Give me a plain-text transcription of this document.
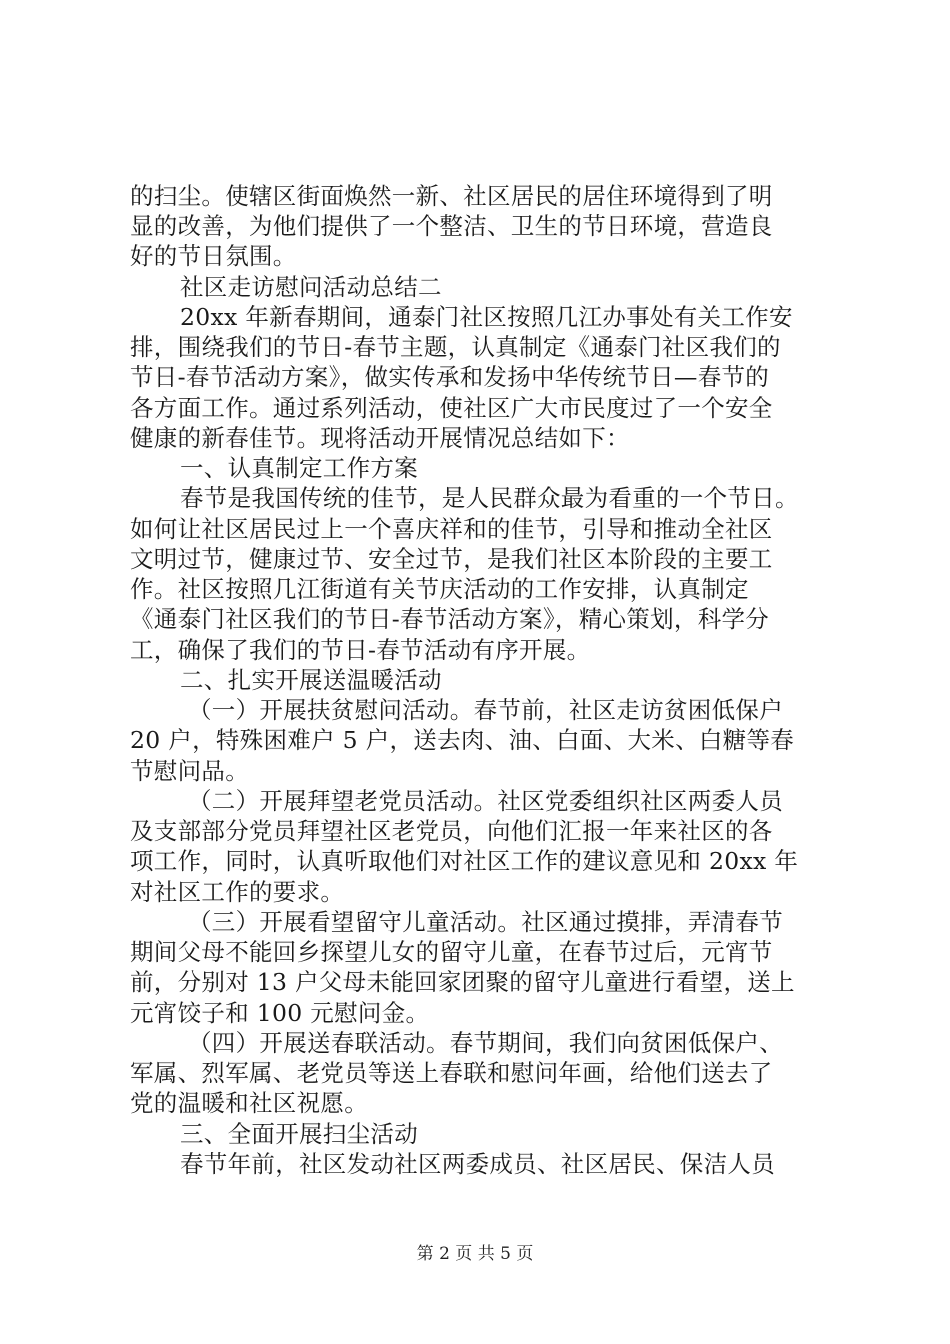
的扫尘。使辖区街面焕然一新、社区居民的居住环境得到了明
显的改善，为他们提供了一个整洁、卫生的节日环境，营造良
好的节日氛围。
社区走访慰问活动总结二
20xx 年新春期间，通泰门社区按照几江办事处有关工作安
排，围绕我们的节日-春节主题，认真制定《通泰门社区我们的
节日-春节活动方案》，做实传承和发扬中华传统节日—春节的
各方面工作。通过系列活动，使社区广大市民度过了一个安全
健康的新春佳节。现将活动开展情况总结如下：
一、认真制定工作方案
春节是我国传统的佳节，是人民群众最为看重的一个节日。
如何让社区居民过上一个喜庆祥和的佳节，引导和推动全社区
文明过节，健康过节、安全过节，是我们社区本阶段的主要工
作。社区按照几江街道有关节庆活动的工作安排，认真制定
《通泰门社区我们的节日-春节活动方案》，精心策划，科学分
工，确保了我们的节日-春节活动有序开展。
二、扎实开展送温暖活动
（一）开展扶贫慰问活动。春节前，社区走访贫困低保户
20 户，特殊困难户 5 户，送去肉、油、白面、大米、白糖等春
节慰问品。
（二）开展拜望老党员活动。社区党委组织社区两委人员
及支部部分党员拜望社区老党员，向他们汇报一年来社区的各
项工作，同时，认真听取他们对社区工作的建议意见和 20xx 年
对社区工作的要求。
（三）开展看望留守儿童活动。社区通过摸排，弄清春节
期间父母不能回乡探望儿女的留守儿童，在春节过后，元宵节
前，分别对 13 户父母未能回家团聚的留守儿童进行看望，送上
元宵饺子和 100 元慰问金。
（四）开展送春联活动。春节期间，我们向贫困低保户、
军属、烈军属、老党员等送上春联和慰问年画，给他们送去了
党的温暖和社区祝愿。
三、全面开展扫尘活动
春节年前，社区发动社区两委成员、社区居民、保洁人员
第 2 页 共 5 页
